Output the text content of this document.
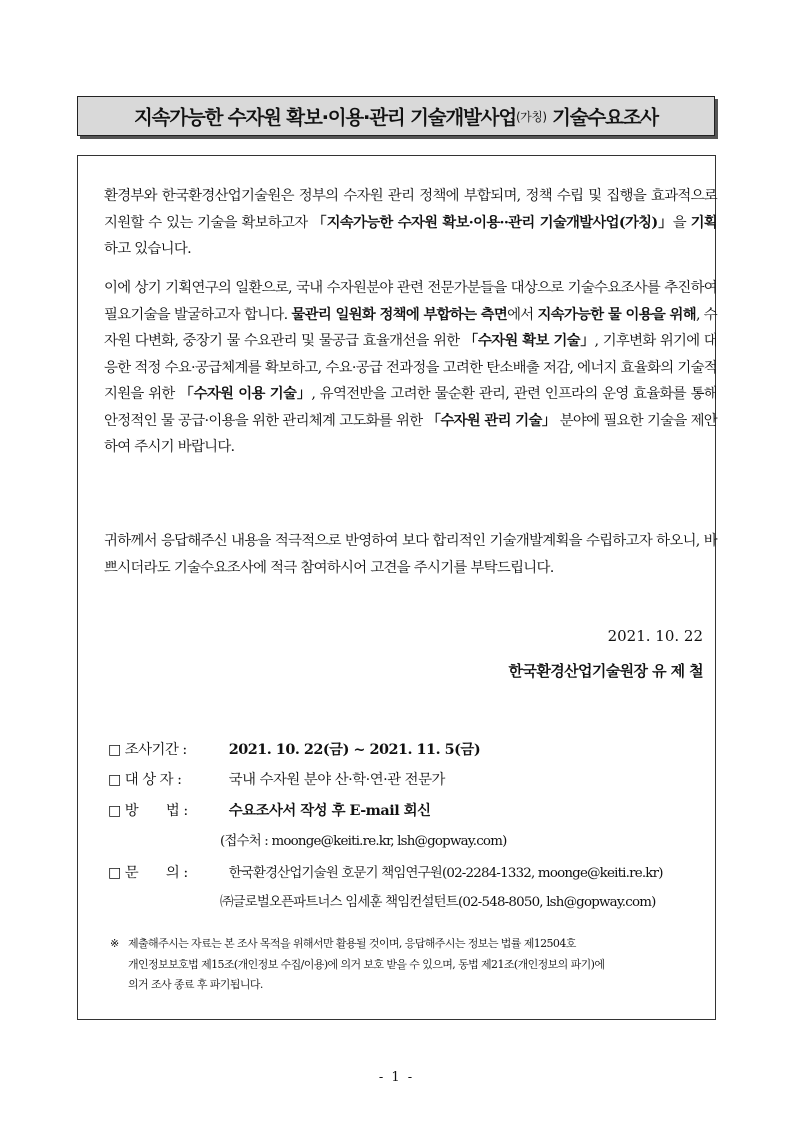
지속가능한 수자원 확보·이용·관리 기술개발사업 (가칭) 기술수요조사

환경부와 한국환경산업기술원은 정부의 수자원 관리 정책에 부합되며, 정책 수립 및 집행을 효과적으로 지원할 수 있는 기술을 확보하고자 「지속가능한 수자원 확보·이용··관리 기술개발사업(가칭)」을 기획하고 있습니다.

이에 상기 기획연구의 일환으로, 국내 수자원분야 관련 전문가분들을 대상으로 기술수요조사를 추진하여 필요기술을 발굴하고자 합니다. 물관리 일원화 정책에 부합하는 측면에서 지속가능한 물 이용을 위해, 수자원 다변화, 중장기 물 수요관리 및 물공급 효율개선을 위한 「수자원 확보 기술」, 기후변화 위기에 대응한 적정 수요·공급체계를 확보하고, 수요·공급 전과정을 고려한 탄소배출 저감, 에너지 효율화의 기술적 지원을 위한 「수자원 이용 기술」, 유역전반을 고려한 물순환 관리, 관련 인프라의 운영 효율화를 통해 안정적인 물 공급·이용을 위한 관리체계 고도화를 위한 「수자원 관리 기술」 분야에 필요한 기술을 제안하여 주시기 바랍니다.

귀하께서 응답해주신 내용을 적극적으로 반영하여 보다 합리적인 기술개발계획을 수립하고자 하오니, 바쁘시더라도 기술수요조사에 적극 참여하시어 고견을 주시기를 부탁드립니다.

2021. 10. 22
한국환경산업기술원장 유 제 철
□ 조사기간 :	2021. 10. 22(금) ~ 2021. 11. 5(금)
□ 대 상 자 :	국내 수자원 분야 산·학·연·관 전문가
□ 방　　법 :	수요조사서 작성 후 E-mail 회신
(접수처 : moonge@keiti.re.kr, lsh@gopway.com)
□ 문　　의 :	한국환경산업기술원 호문기 책임연구원(02-2284-1332, moonge@keiti.re.kr)
㈜글로벌오픈파트너스 임세훈 책임컨설턴트(02-548-8050, lsh@gopway.com)
※ 제출해주시는 자료는 본 조사 목적을 위해서만 활용될 것이며, 응답해주시는 정보는 법률 제12504호
개인정보보호법 제15조(개인정보 수집/이용)에 의거 보호 받을 수 있으며, 동법 제21조(개인정보의 파기)에
의거 조사 종료 후 파기됩니다.
- 1 -
